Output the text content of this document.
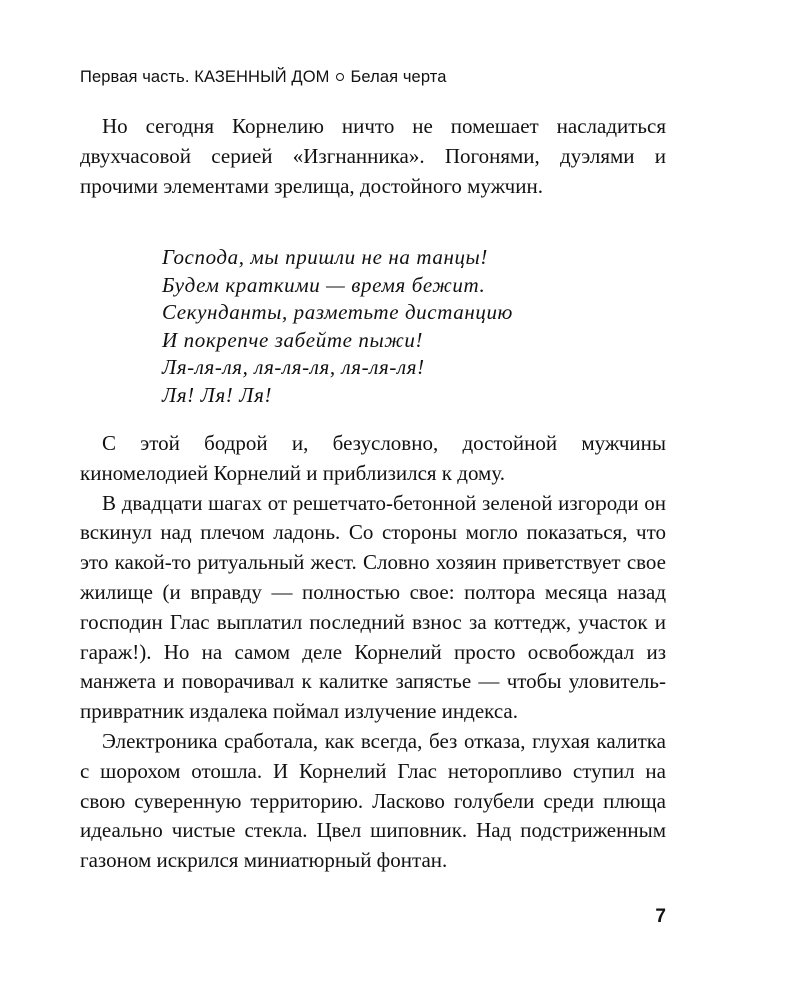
Первая часть. КАЗЕННЫЙ ДОМ Белая черта

Но сегодня Корнелию ничто не помешает насладиться двухчасовой серией «Изгнанника». Погонями, дуэлями и прочими элементами зрелища, достойного мужчин.

Господа, мы пришли не на танцы!
Будем краткими — время бежит.
Секунданты, разметьте дистанцию
И покрепче забейте пыжи!
Ля-ля-ля, ля-ля-ля, ля-ля-ля!
Ля! Ля! Ля!

С этой бодрой и, безусловно, достойной мужчины киномелодией Корнелий и приблизился к дому.

В двадцати шагах от решетчато-бетонной зеленой изгороди он вскинул над плечом ладонь. Со стороны могло показаться, что это какой-то ритуальный жест. Словно хозяин приветствует свое жилище (и вправду — полностью свое: полтора месяца назад господин Глас выплатил последний взнос за коттедж, участок и гараж!). Но на самом деле Корнелий просто освобождал из манжета и поворачивал к калитке запястье — чтобы уловитель-привратник издалека поймал излучение индекса.

Электроника сработала, как всегда, без отказа, глухая калитка с шорохом отошла. И Корнелий Глас неторопливо ступил на свою суверенную территорию. Ласково голубели среди плюща идеально чистые стекла. Цвел шиповник. Над подстриженным газоном искрился миниатюрный фонтан.

7
